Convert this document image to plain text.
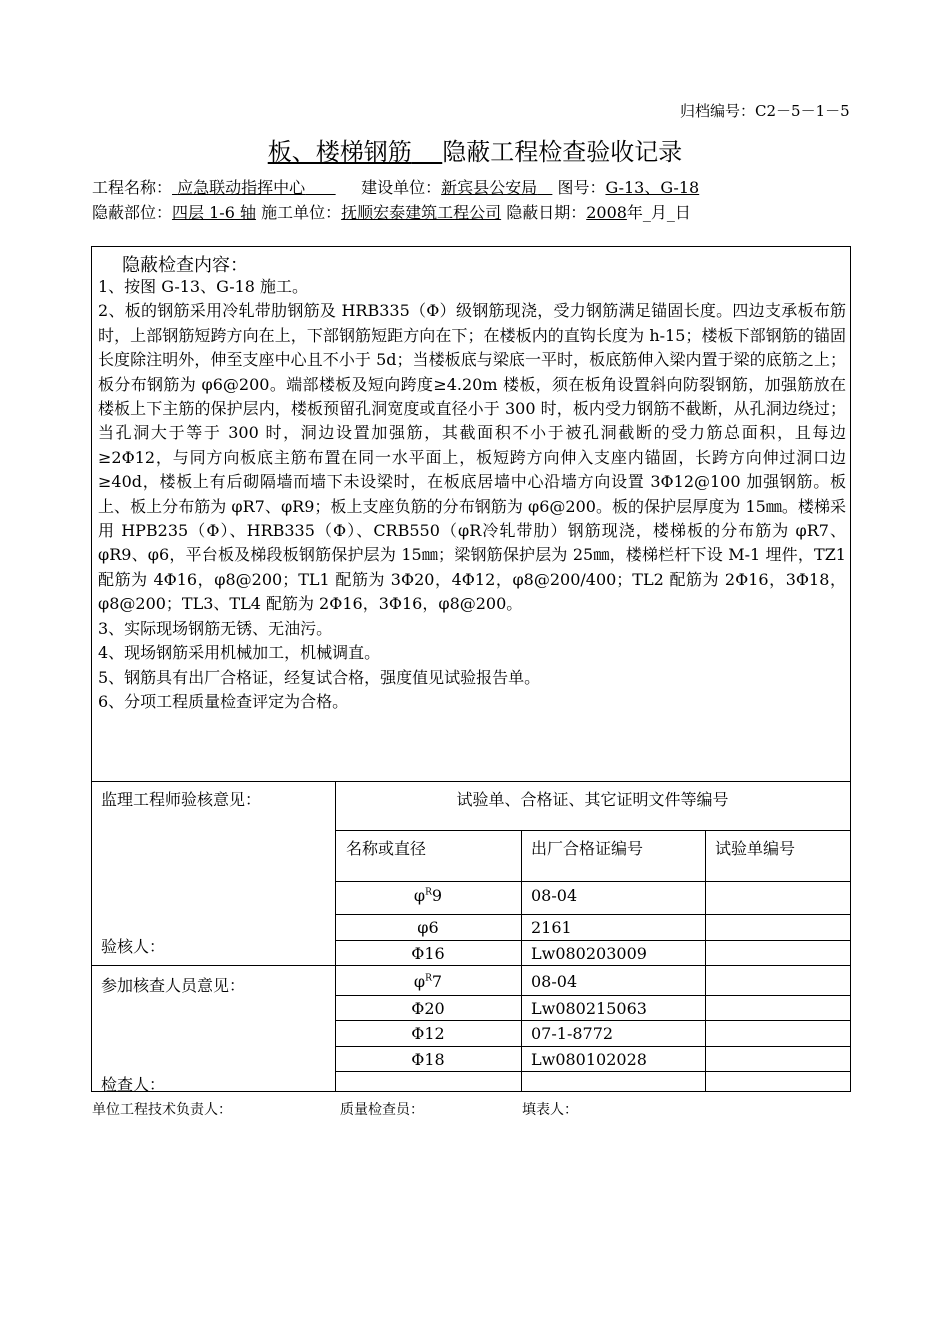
归档编号：C2－5－1－5
板、楼梯钢筋 隐蔽工程检查验收记录
工程名称： 应急联动指挥中心	建设单位：新宾县公安局 图号：G-13、G-18
隐蔽部位：四层 1-6 轴 施工单位：抚顺宏泰建筑工程公司 隐蔽日期：2008年_月_日
隐蔽检查内容：

1、按图 G-13、G-18 施工。

2、板的钢筋采用冷轧带肋钢筋及 HRB335（Φ）级钢筋现浇，受力钢筋满足锚固长度。四边支承板布筋时，上部钢筋短跨方向在上，下部钢筋短距方向在下；在楼板内的直钩长度为 h-15；楼板下部钢筋的锚固长度除注明外，伸至支座中心且不小于 5d；当楼板底与梁底一平时，板底筋伸入梁内置于梁的底筋之上；板分布钢筋为 φ6@200。端部楼板及短向跨度≥4.20m 楼板，须在板角设置斜向防裂钢筋，加强筋放在楼板上下主筋的保护层内，楼板预留孔洞宽度或直径小于 300 时，板内受力钢筋不截断，从孔洞边绕过；当孔洞大于等于 300 时，洞边设置加强筋，其截面积不小于被孔洞截断的受力筋总面积，且每边≥2Φ12，与同方向板底主筋布置在同一水平面上，板短跨方向伸入支座内锚固，长跨方向伸过洞口边≥40d，楼板上有后砌隔墙而墙下未设梁时，在板底居墙中心沿墙方向设置 3Φ12@100 加强钢筋。板上、板上分布筋为 φR7、φR9；板上支座负筋的分布钢筋为 φ6@200。板的保护层厚度为 15㎜。楼梯采用 HPB235（Φ）、HRB335（Φ）、CRB550（φR冷轧带肋）钢筋现浇，楼梯板的分布筋为 φR7、φR9、φ6，平台板及梯段板钢筋保护层为 15㎜；梁钢筋保护层为 25㎜，楼梯栏杆下设 M-1 埋件，TZ1 配筋为 4Φ16，φ8@200；TL1 配筋为 3Φ20，4Φ12，φ8@200/400；TL2 配筋为 2Φ16，3Φ18，φ8@200；TL3、TL4 配筋为 2Φ16，3Φ16，φ8@200。

3、实际现场钢筋无锈、无油污。

4、现场钢筋采用机械加工，机械调直。

5、钢筋具有出厂合格证，经复试合格，强度值见试验报告单。

6、分项工程质量检查评定为合格。

监理工程师验核意见：
验核人：
参加核查人员意见：
检查人：
试验单、合格证、其它证明文件等编号
名称或直径	出厂合格证编号	试验单编号
$\varphi^R9$	08-04
φ6	2161
Φ16	Lw080203009
$\varphi^R7$	08-04
Φ20	Lw080215063
Φ12	07-1-8772
Φ18	Lw080102028
单位工程技术负责人：	质量检查员：	填表人：
